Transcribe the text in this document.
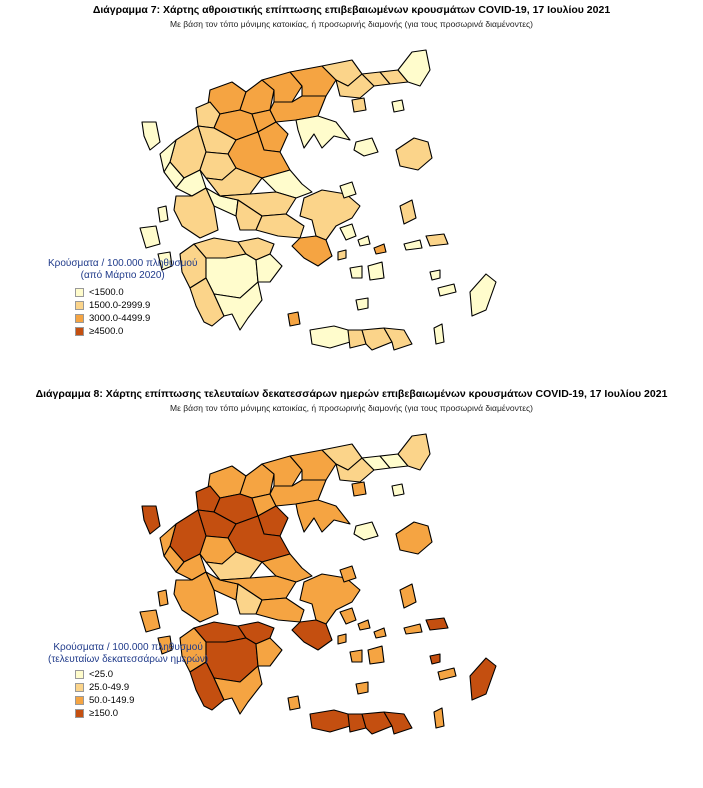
Διάγραμμα 7: Χάρτης αθροιστικής επίπτωσης επιβεβαιωμένων κρουσμάτων COVID-19, 17 Ιουλίου 2021
Με βάση τον τόπο μόνιμης κατοικίας, ή προσωρινής διαμονής (για τους προσωρινά διαμένοντες)
Κρούσματα / 100.000 πληθυσμού
(από Μάρτιο 2020)
<1500.0
1500.0-2999.9
3000.0-4499.9
≥4500.0
Διάγραμμα 8: Χάρτης επίπτωσης τελευταίων δεκατεσσάρων ημερών επιβεβαιωμένων κρουσμάτων COVID-19, 17 Ιουλίου 2021
Με βάση τον τόπο μόνιμης κατοικίας, ή προσωρινής διαμονής (για τους προσωρινά διαμένοντες)
Κρούσματα / 100.000 πληθυσμού
(τελευταίων δεκατεσσάρων ημερών)
<25.0
25.0-49.9
50.0-149.9
≥150.0
